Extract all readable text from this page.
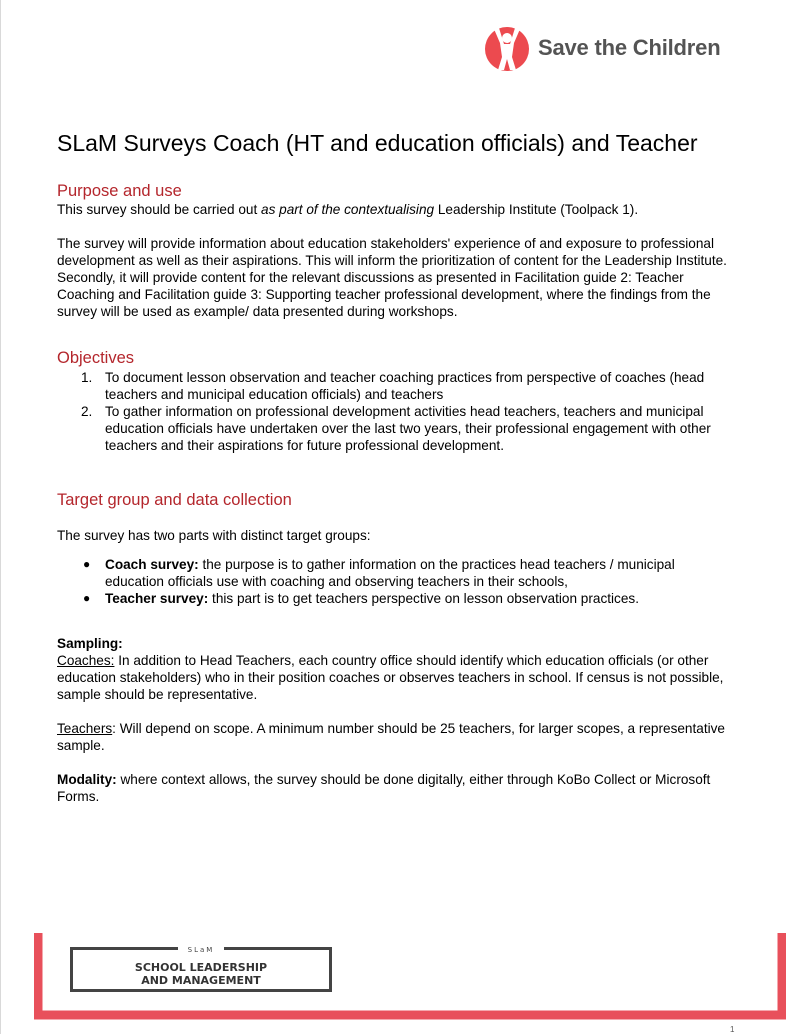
Save the Children
SLaM Surveys Coach (HT and education officials) and Teacher
Purpose and use

This survey should be carried out as part of the contextualising Leadership Institute (Toolpack 1).

The survey will provide information about education stakeholders' experience of and exposure to professional development as well as their aspirations. This will inform the prioritization of content for the Leadership Institute. Secondly, it will provide content for the relevant discussions as presented in Facilitation guide 2: Teacher Coaching and Facilitation guide 3: Supporting teacher professional development, where the findings from the survey will be used as example/ data presented during workshops.

Objectives
1. To document lesson observation and teacher coaching practices from perspective of coaches (head teachers and municipal education officials) and teachers
2. To gather information on professional development activities head teachers, teachers and municipal education officials have undertaken over the last two years, their professional engagement with other teachers and their aspirations for future professional development.
Target group and data collection

The survey has two parts with distinct target groups:

● Coach survey: the purpose is to gather information on the practices head teachers / municipal education officials use with coaching and observing teachers in their schools,
● Teacher survey: this part is to get teachers perspective on lesson observation practices.

Sampling:

Coaches: In addition to Head Teachers, each country office should identify which education officials (or other education stakeholders) who in their position coaches or observes teachers in school. If census is not possible, sample should be representative.

Teachers: Will depend on scope. A minimum number should be 25 teachers, for larger scopes, a representative sample.

Modality: where context allows, the survey should be done digitally, either through KoBo Collect or Microsoft Forms.

SLaM
SCHOOL LEADERSHIP
AND MANAGEMENT
1
